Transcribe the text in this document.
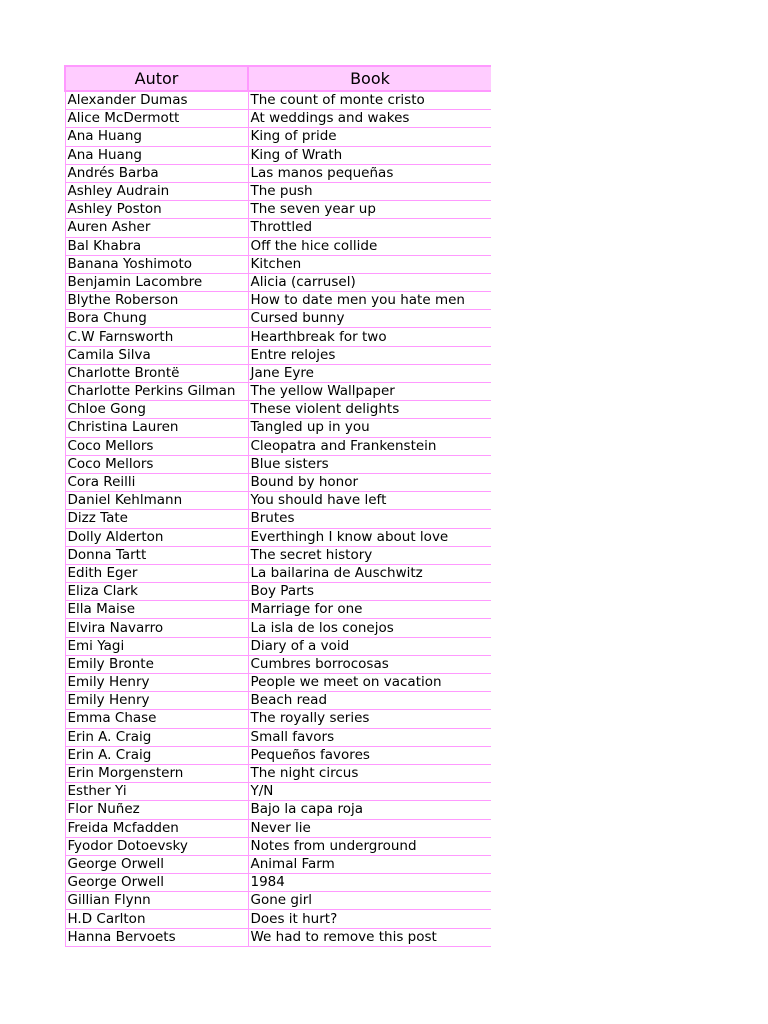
Autor	Book
Alexander Dumas	The count of monte cristo
Alice McDermott	At weddings and wakes
Ana Huang	King of pride
Ana Huang	King of Wrath
Andrés Barba	Las manos pequeñas
Ashley Audrain	The push
Ashley Poston	The seven year up
Auren Asher	Throttled
Bal Khabra	Off the hice collide
Banana Yoshimoto	Kitchen
Benjamin Lacombre	Alicia (carrusel)
Blythe Roberson	How to date men you hate men
Bora Chung	Cursed bunny
C.W Farnsworth	Hearthbreak for two
Camila Silva	Entre relojes
Charlotte Brontë	Jane Eyre
Charlotte Perkins Gilman	The yellow Wallpaper
Chloe Gong	These violent delights
Christina Lauren	Tangled up in you
Coco Mellors	Cleopatra and Frankenstein
Coco Mellors	Blue sisters
Cora Reilli	Bound by honor
Daniel Kehlmann	You should have left
Dizz Tate	Brutes
Dolly Alderton	Everthingh I know about love
Donna Tartt	The secret history
Edith Eger	La bailarina de Auschwitz
Eliza Clark	Boy Parts
Ella Maise	Marriage for one
Elvira Navarro	La isla de los conejos
Emi Yagi	Diary of a void
Emily Bronte	Cumbres borrocosas
Emily Henry	People we meet on vacation
Emily Henry	Beach read
Emma Chase	The royally series
Erin A. Craig	Small favors
Erin A. Craig	Pequeños favores
Erin Morgenstern	The night circus
Esther Yi	Y/N
Flor Nuñez	Bajo la capa roja
Freida Mcfadden	Never lie
Fyodor Dotoevsky	Notes from underground
George Orwell	Animal Farm
George Orwell	1984
Gillian Flynn	Gone girl
H.D Carlton	Does it hurt?
Hanna Bervoets	We had to remove this post
